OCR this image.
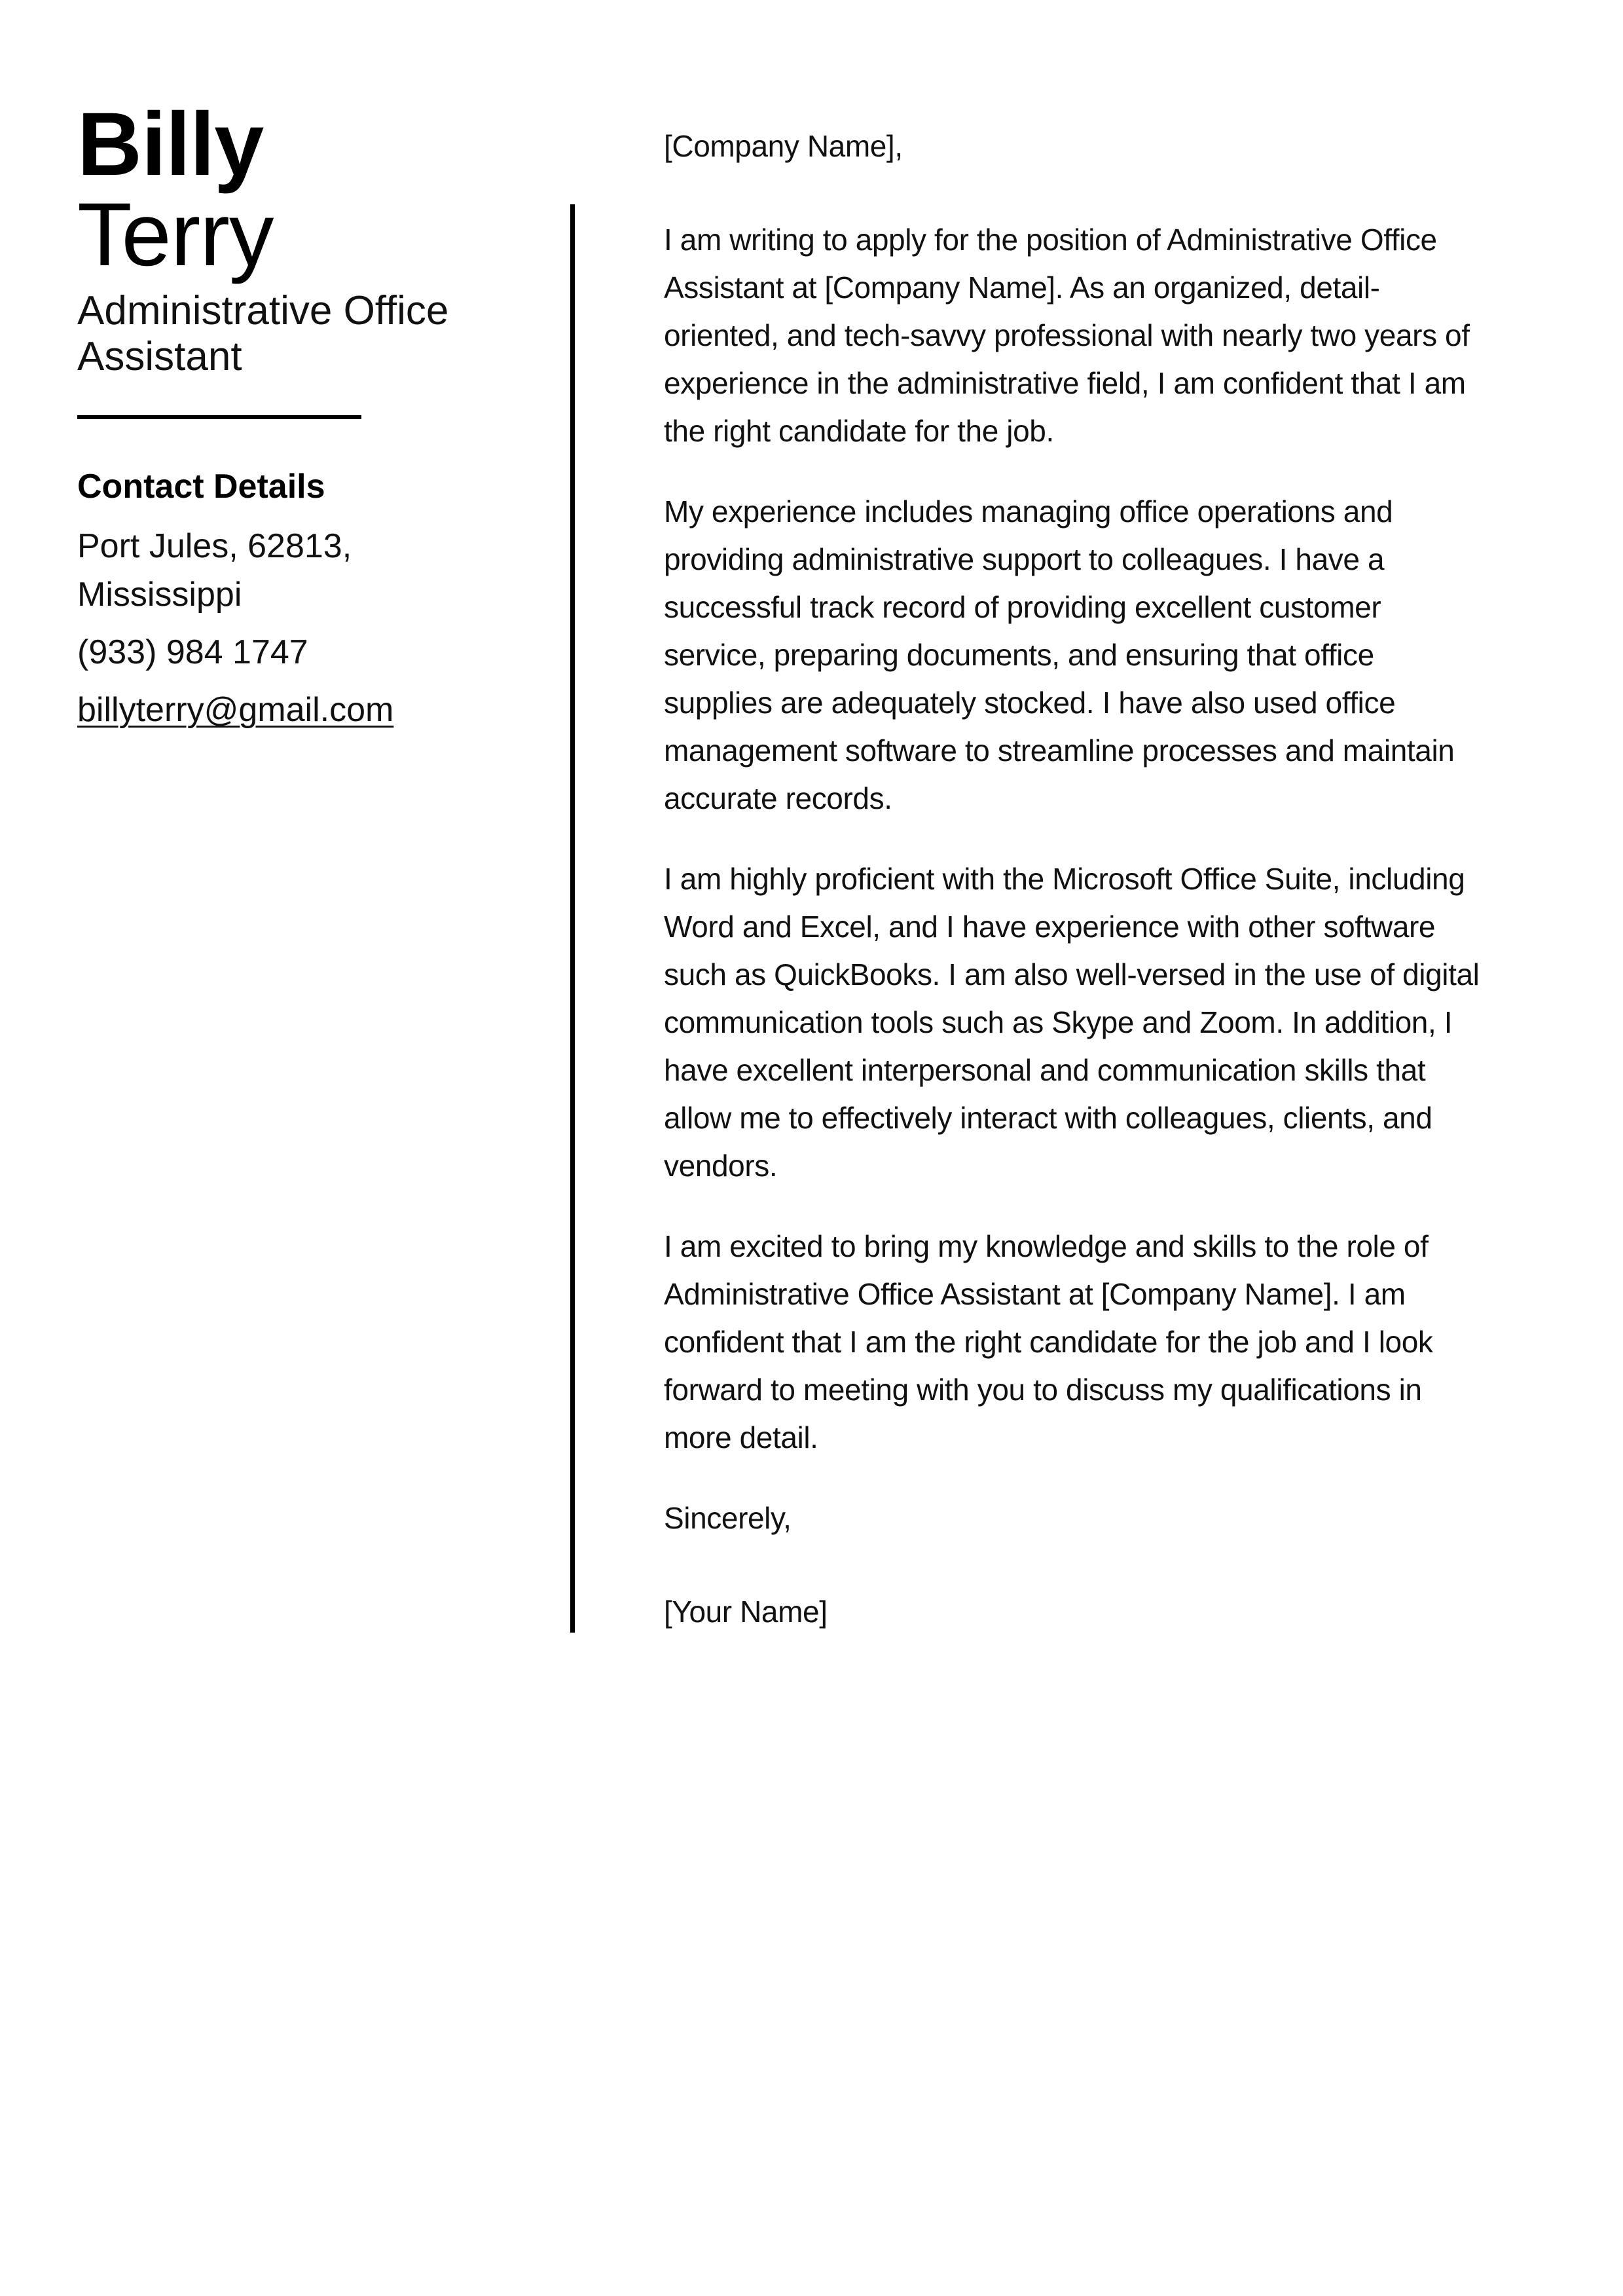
Billy
Terry
Administrative Office Assistant
Contact Details
Port Jules, 62813,
Mississippi
(933) 984 1747
billyterry@gmail.com
[Company Name],

I am writing to apply for the position of Administrative Office Assistant at [Company Name]. As an organized, detail-oriented, and tech-savvy professional with nearly two years of experience in the administrative field, I am confident that I am the right candidate for the job.

My experience includes managing office operations and providing administrative support to colleagues. I have a successful track record of providing excellent customer service, preparing documents, and ensuring that office supplies are adequately stocked. I have also used office management software to streamline processes and maintain accurate records.

I am highly proficient with the Microsoft Office Suite, including Word and Excel, and I have experience with other software such as QuickBooks. I am also well-versed in the use of digital communication tools such as Skype and Zoom. In addition, I have excellent interpersonal and communication skills that allow me to effectively interact with colleagues, clients, and vendors.

I am excited to bring my knowledge and skills to the role of Administrative Office Assistant at [Company Name]. I am confident that I am the right candidate for the job and I look forward to meeting with you to discuss my qualifications in more detail.

Sincerely,
[Your Name]
